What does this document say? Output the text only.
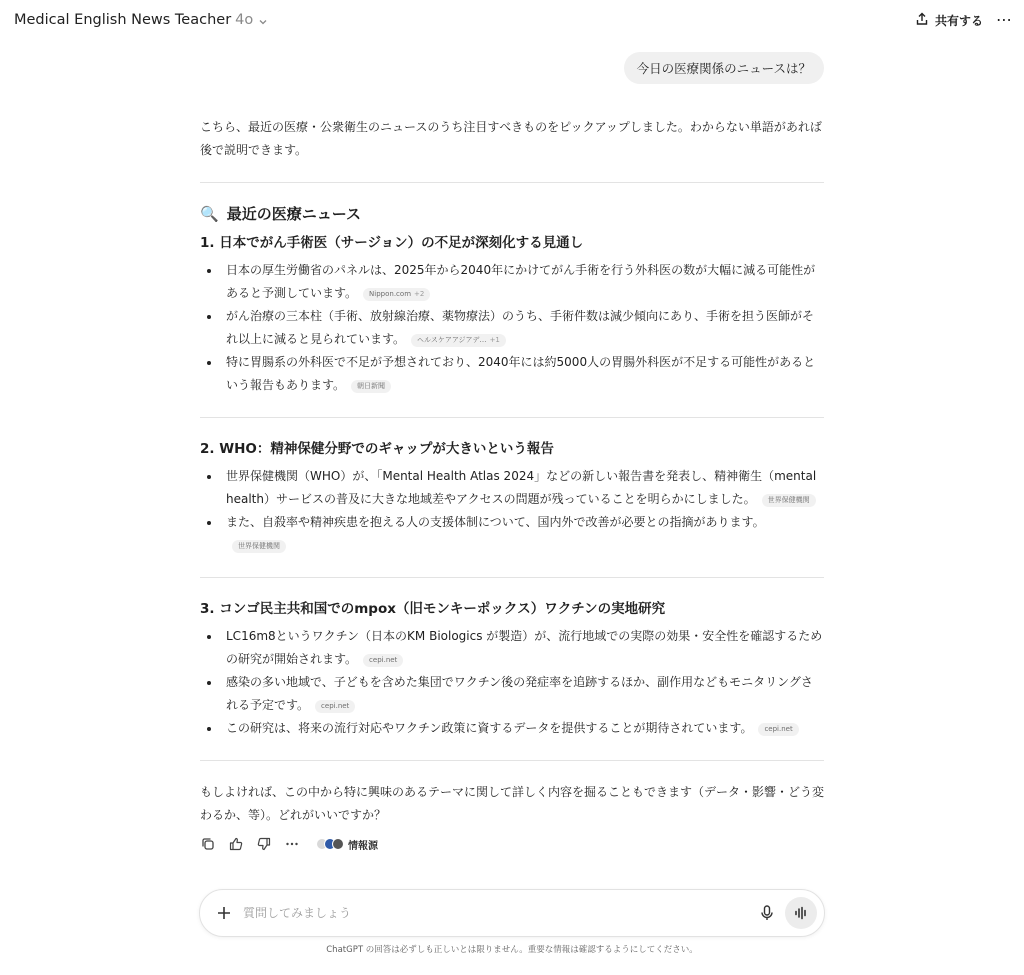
Medical English News Teacher 4o	共有する ⋯
今日の医療関係のニュースは？

こちら、最近の医療・公衆衛生のニュースのうち注目すべきものをピックアップしました。わからない単語があれば後で説明できます。

🔍 最近の医療ニュース
1. 日本でがん手術医（サージョン）の不足が深刻化する見通し
日本の厚生労働省のパネルは、2025年から2040年にかけてがん手術を行う外科医の数が大幅に減る可能性があると予測しています。 Nippon.com +2
がん治療の三本柱（手術、放射線治療、薬物療法）のうち、手術件数は減少傾向にあり、手術を担う医師がそれ以上に減ると見られています。 ヘルスケアアジアデ… +1
特に胃腸系の外科医で不足が予想されており、2040年には約5000人の胃腸外科医が不足する可能性があるという報告もあります。 朝日新聞
2. WHO：精神保健分野でのギャップが大きいという報告
世界保健機関（WHO）が、「Mental Health Atlas 2024」などの新しい報告書を発表し、精神衛生（mental health）サービスの普及に大きな地域差やアクセスの問題が残っていることを明らかにしました。 世界保健機関
また、自殺率や精神疾患を抱える人の支援体制について、国内外で改善が必要との指摘があります。世界保健機関
3. コンゴ民主共和国でのmpox（旧モンキーポックス）ワクチンの実地研究
LC16m8というワクチン（日本のKM Biologics が製造）が、流行地域での実際の効果・安全性を確認するための研究が開始されます。 cepi.net
感染の多い地域で、子どもを含めた集団でワクチン後の発症率を追跡するほか、副作用などもモニタリングされる予定です。 cepi.net
この研究は、将来の流行対応やワクチン政策に資するデータを提供することが期待されています。 cepi.net

もしよければ、この中から特に興味のあるテーマに関して詳しく内容を掘ることもできます（データ・影響・どう変わるか、等）。どれがいいですか？

情報源
質問してみましょう
ChatGPT の回答は必ずしも正しいとは限りません。重要な情報は確認するようにしてください。
